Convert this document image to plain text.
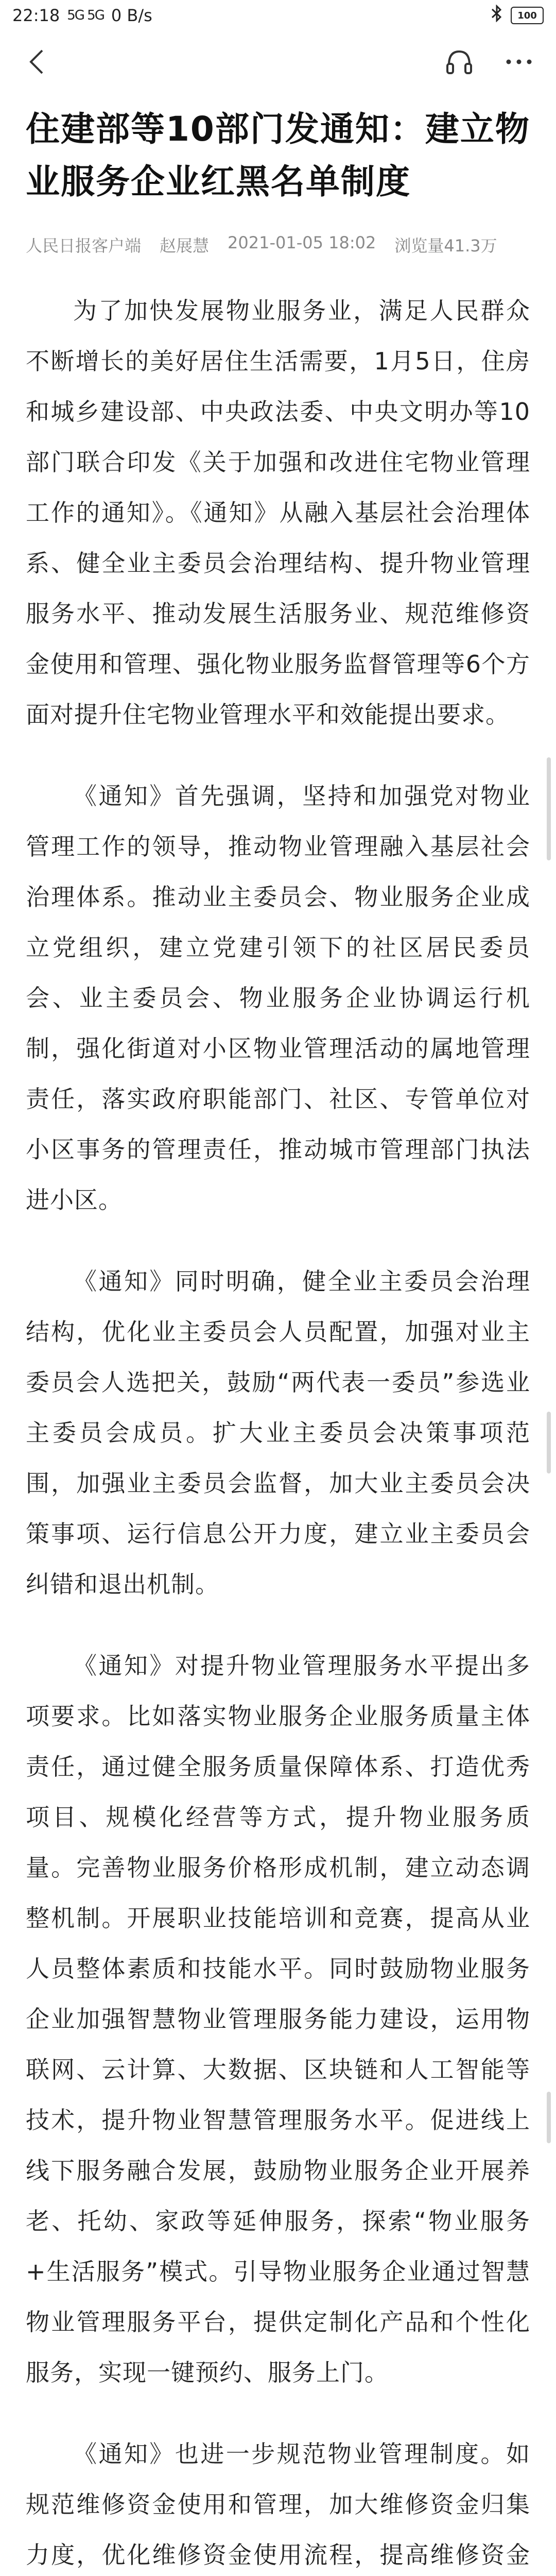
22:18 5G 5G 0 B/s	100
住建部等10部门发通知：建立物业服务企业红黑名单制度
人民日报客户端 赵展慧 2021-01-05 18:02 浏览量41.3万

为了加快发展物业服务业，满足人民群众不断增长的美好居住生活需要，1月5日，住房和城乡建设部、中央政法委、中央文明办等10部门联合印发《关于加强和改进住宅物业管理工作的通知》。《通知》从融入基层社会治理体系、健全业主委员会治理结构、提升物业管理服务水平、推动发展生活服务业、规范维修资金使用和管理、强化物业服务监督管理等6个方面对提升住宅物业管理水平和效能提出要求。

《通知》首先强调，坚持和加强党对物业管理工作的领导，推动物业管理融入基层社会治理体系。推动业主委员会、物业服务企业成立党组织，建立党建引领下的社区居民委员会、业主委员会、物业服务企业协调运行机制，强化街道对小区物业管理活动的属地管理责任，落实政府职能部门、社区、专管单位对小区事务的管理责任，推动城市管理部门执法进小区。

《通知》同时明确，健全业主委员会治理结构，优化业主委员会人员配置，加强对业主委员会人选把关，鼓励“两代表一委员”参选业主委员会成员。扩大业主委员会决策事项范围，加强业主委员会监督，加大业主委员会决策事项、运行信息公开力度，建立业主委员会纠错和退出机制。

《通知》对提升物业管理服务水平提出多项要求。比如落实物业服务企业服务质量主体责任，通过健全服务质量保障体系、打造优秀项目、规模化经营等方式，提升物业服务质量。完善物业服务价格形成机制，建立动态调整机制。开展职业技能培训和竞赛，提高从业人员整体素质和技能水平。同时鼓励物业服务企业加强智慧物业管理服务能力建设，运用物联网、云计算、大数据、区块链和人工智能等技术，提升物业智慧管理服务水平。促进线上线下服务融合发展，鼓励物业服务企业开展养老、托幼、家政等延伸服务，探索“物业服务+生活服务”模式。引导物业服务企业通过智慧物业管理服务平台，提供定制化产品和个性化服务，实现一键预约、服务上门。

《通知》也进一步规范物业管理制度。如规范维修资金使用和管理，加大维修资金归集力度，优化维修资金使用流程，提高维修资金
